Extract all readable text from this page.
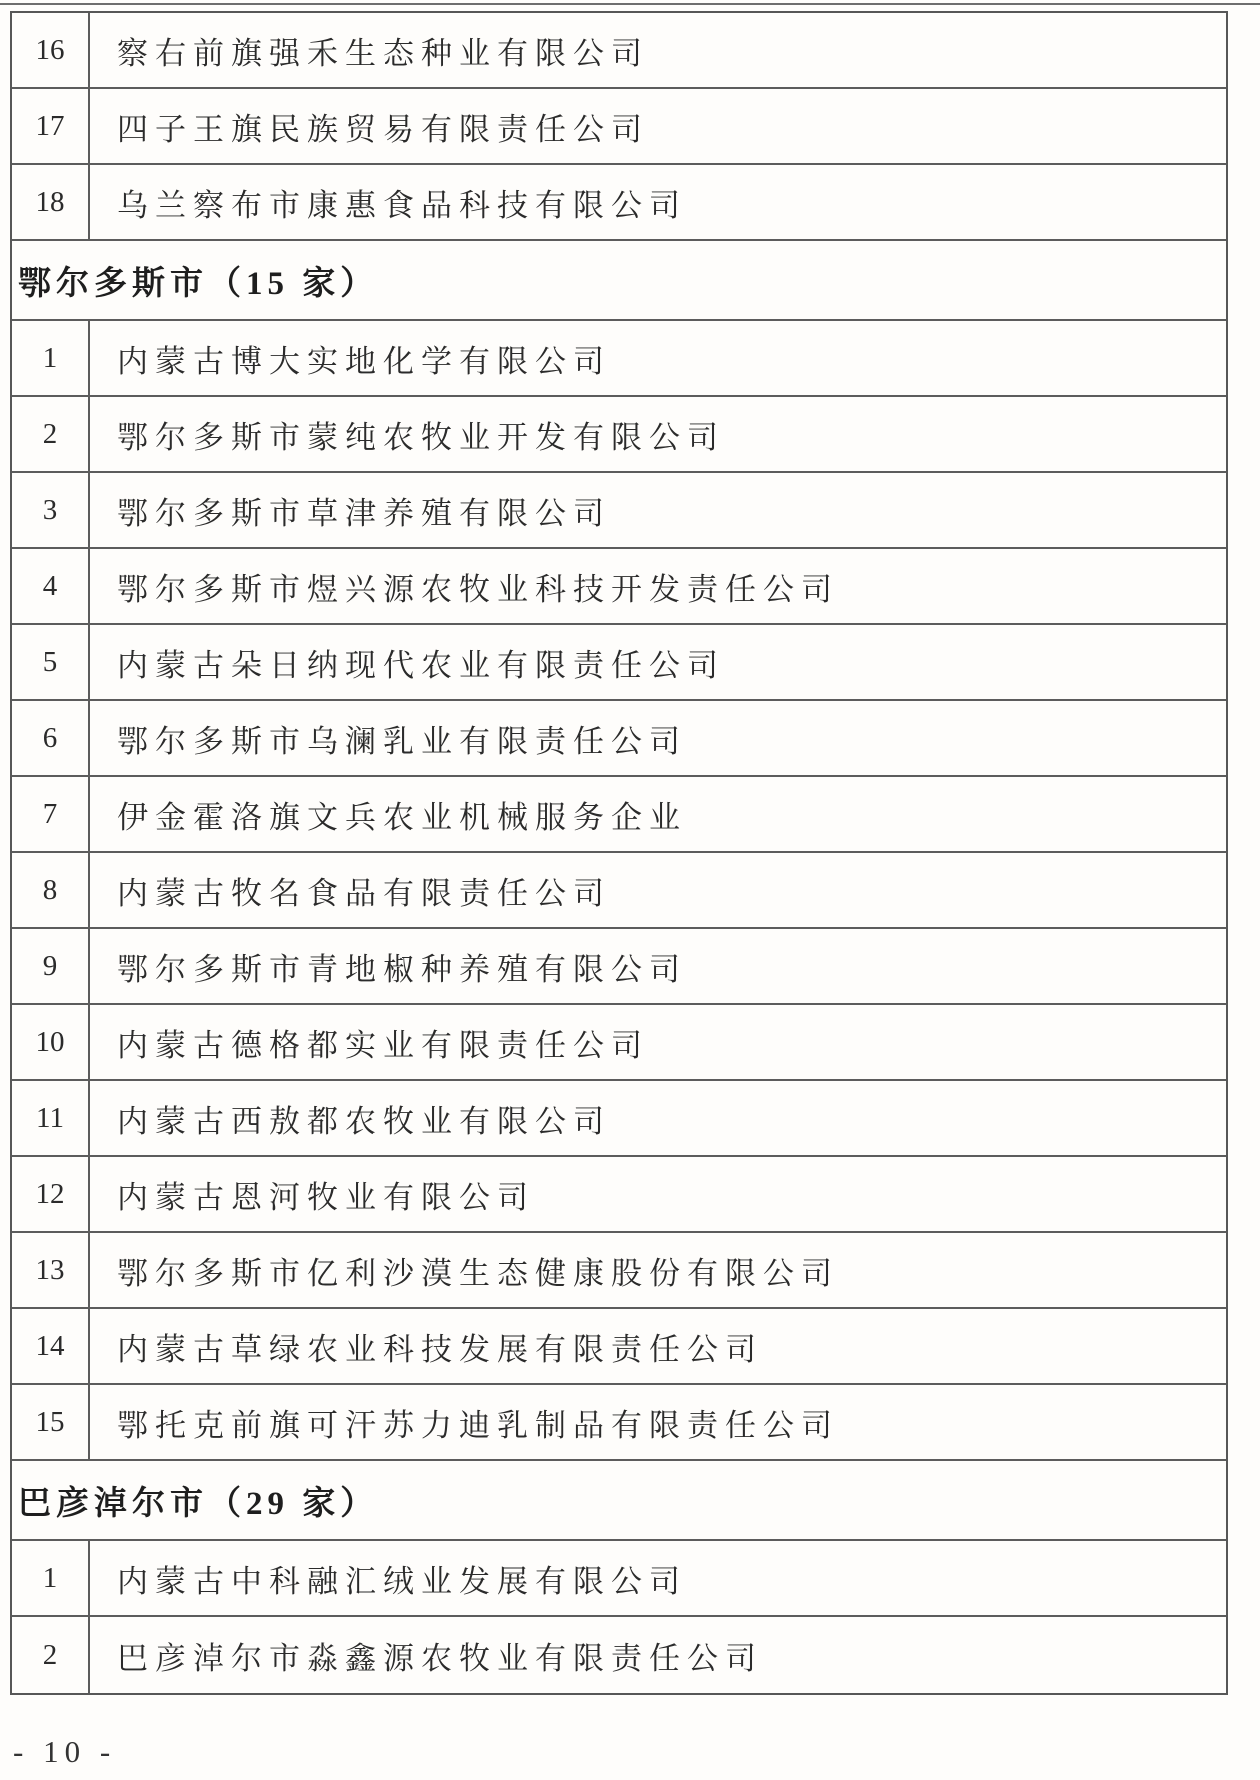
16	察右前旗强禾生态种业有限公司
17	四子王旗民族贸易有限责任公司
18	乌兰察布市康惠食品科技有限公司
鄂尔多斯市（15 家）
1	内蒙古博大实地化学有限公司
2	鄂尔多斯市蒙纯农牧业开发有限公司
3	鄂尔多斯市草津养殖有限公司
4	鄂尔多斯市煜兴源农牧业科技开发责任公司
5	内蒙古朵日纳现代农业有限责任公司
6	鄂尔多斯市乌澜乳业有限责任公司
7	伊金霍洛旗文兵农业机械服务企业
8	内蒙古牧名食品有限责任公司
9	鄂尔多斯市青地椒种养殖有限公司
10	内蒙古德格都实业有限责任公司
11	内蒙古西敖都农牧业有限公司
12	内蒙古恩河牧业有限公司
13	鄂尔多斯市亿利沙漠生态健康股份有限公司
14	内蒙古草绿农业科技发展有限责任公司
15	鄂托克前旗可汗苏力迪乳制品有限责任公司
巴彦淖尔市（29 家）
1	内蒙古中科融汇绒业发展有限公司
2	巴彦淖尔市淼鑫源农牧业有限责任公司
- 10 -
